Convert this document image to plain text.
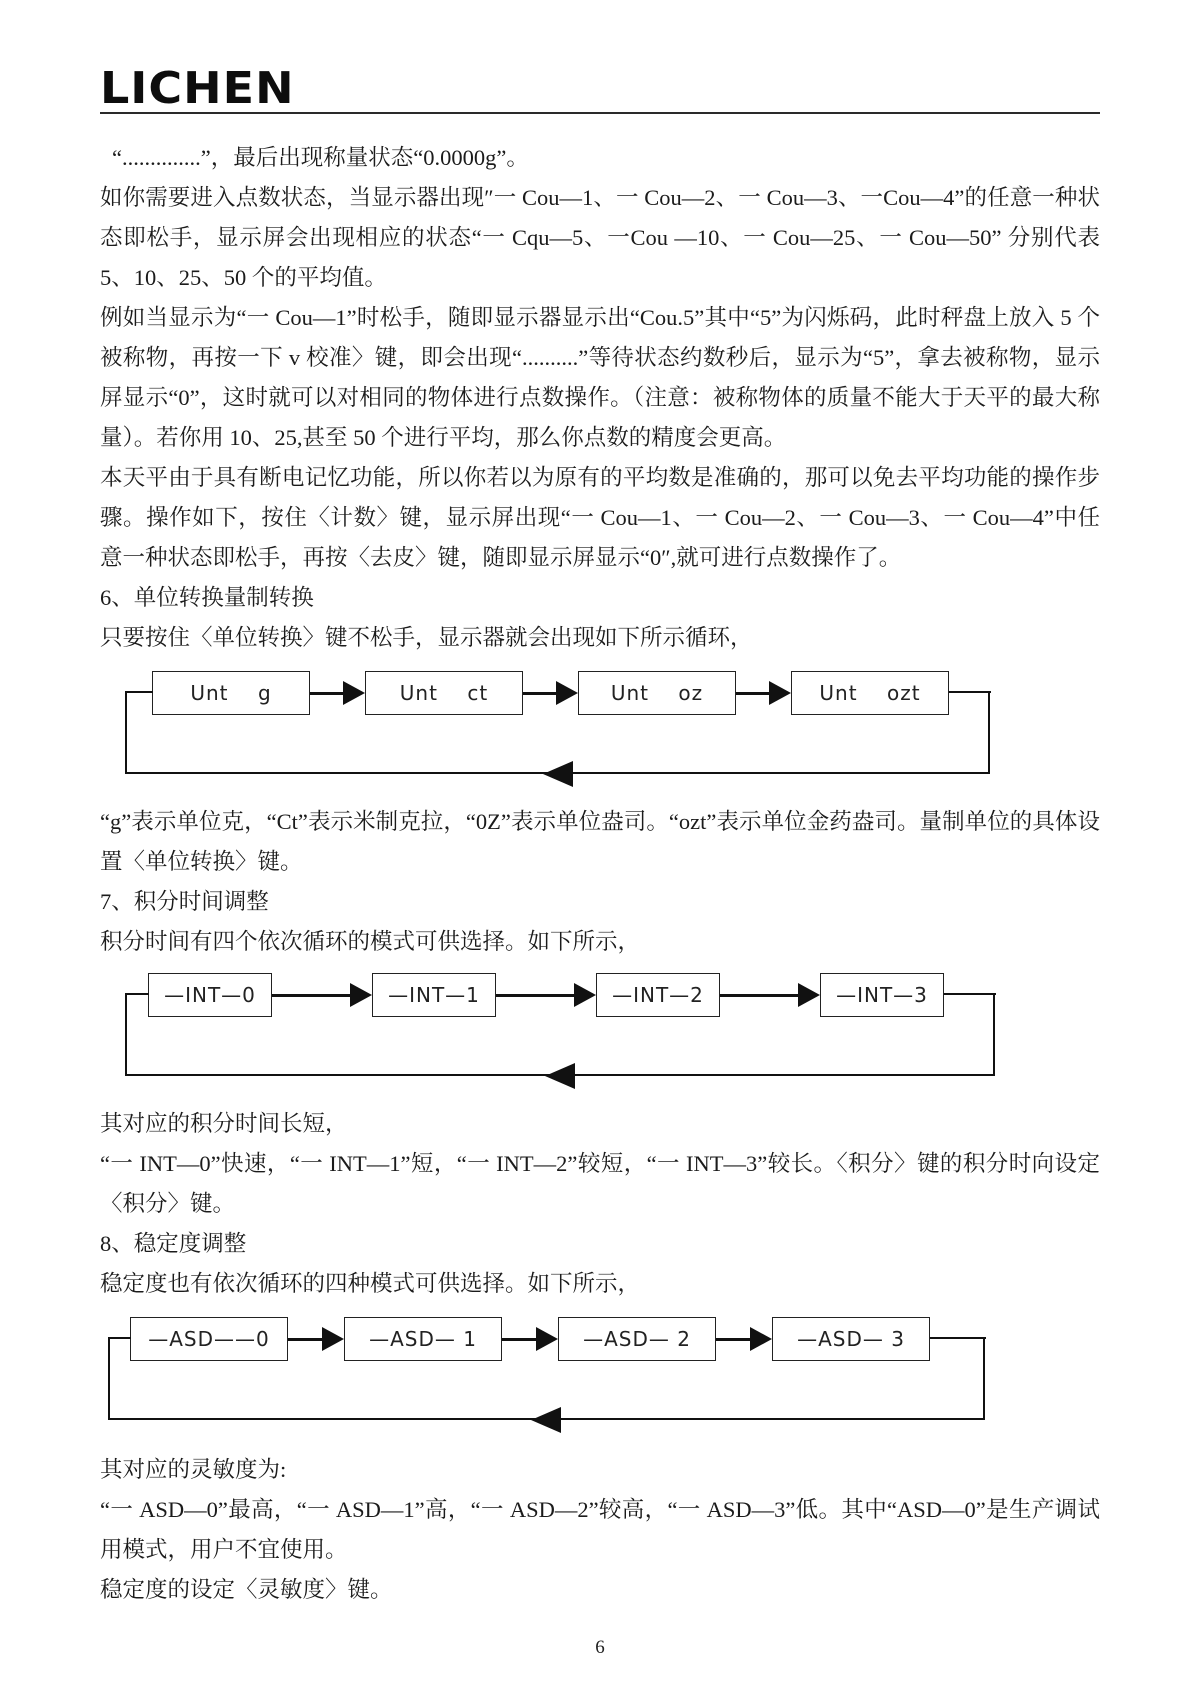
LICHEN

“..............”，最后出现称量状态“0.0000g”。

如你需要进入点数状态，当显示器出现″一 Cou—1、一 Cou—2、一 Cou—3、一Cou—4”的任意一种状态即松手，显示屏会出现相应的状态“一 Cqu—5、一Cou —10、一 Cou—25、一 Cou—50” 分别代表 5、10、25、50 个的平均值。

例如当显示为“一 Cou—1”时松手，随即显示器显示出“Cou.5”其中“5”为闪烁码，此时秤盘上放入 5 个被称物，再按一下 v 校准〉键，即会出现“..........”等待状态约数秒后，显示为“5”，拿去被称物，显示屏显示“0”，这时就可以对相同的物体进行点数操作。（注意：被称物体的质量不能大于天平的最大称量）。若你用 10、25,甚至 50 个进行平均，那么你点数的精度会更高。

本天平由于具有断电记忆功能，所以你若以为原有的平均数是准确的，那可以免去平均功能的操作步骤。操作如下，按住〈计数〉键，显示屏出现“一 Cou—1、一 Cou—2、一 Cou—3、一 Cou—4”中任意一种状态即松手，再按〈去皮〉键，随即显示屏显示“0″,就可进行点数操作了。

6、单位转换量制转换

只要按住〈单位转换〉键不松手，显示器就会出现如下所示循环，

Unt    g	Unt    ct	Unt    oz	Unt    ozt

“g”表示单位克，“Ct”表示米制克拉，“0Z”表示单位盎司。“ozt”表示单位金药盎司。量制单位的具体设置〈单位转换〉键。

7、积分时间调整

积分时间有四个依次循环的模式可供选择。如下所示，

—INT—0	—INT—1	—INT—2	—INT—3

其对应的积分时间长短，

“一 INT—0”快速，“一 INT—1”短，“一 INT—2”较短，“一 INT—3”较长。〈积分〉键的积分时向设定〈积分〉键。

8、稳定度调整

稳定度也有依次循环的四种模式可供选择。如下所示，

—ASD——0	—ASD— 1	—ASD— 2	—ASD— 3

其对应的灵敏度为:

“一 ASD—0”最高，“一 ASD—1”高，“一 ASD—2”较高，“一 ASD—3”低。其中“ASD—0”是生产调试用模式，用户不宜使用。

稳定度的设定〈灵敏度〉键。

6
